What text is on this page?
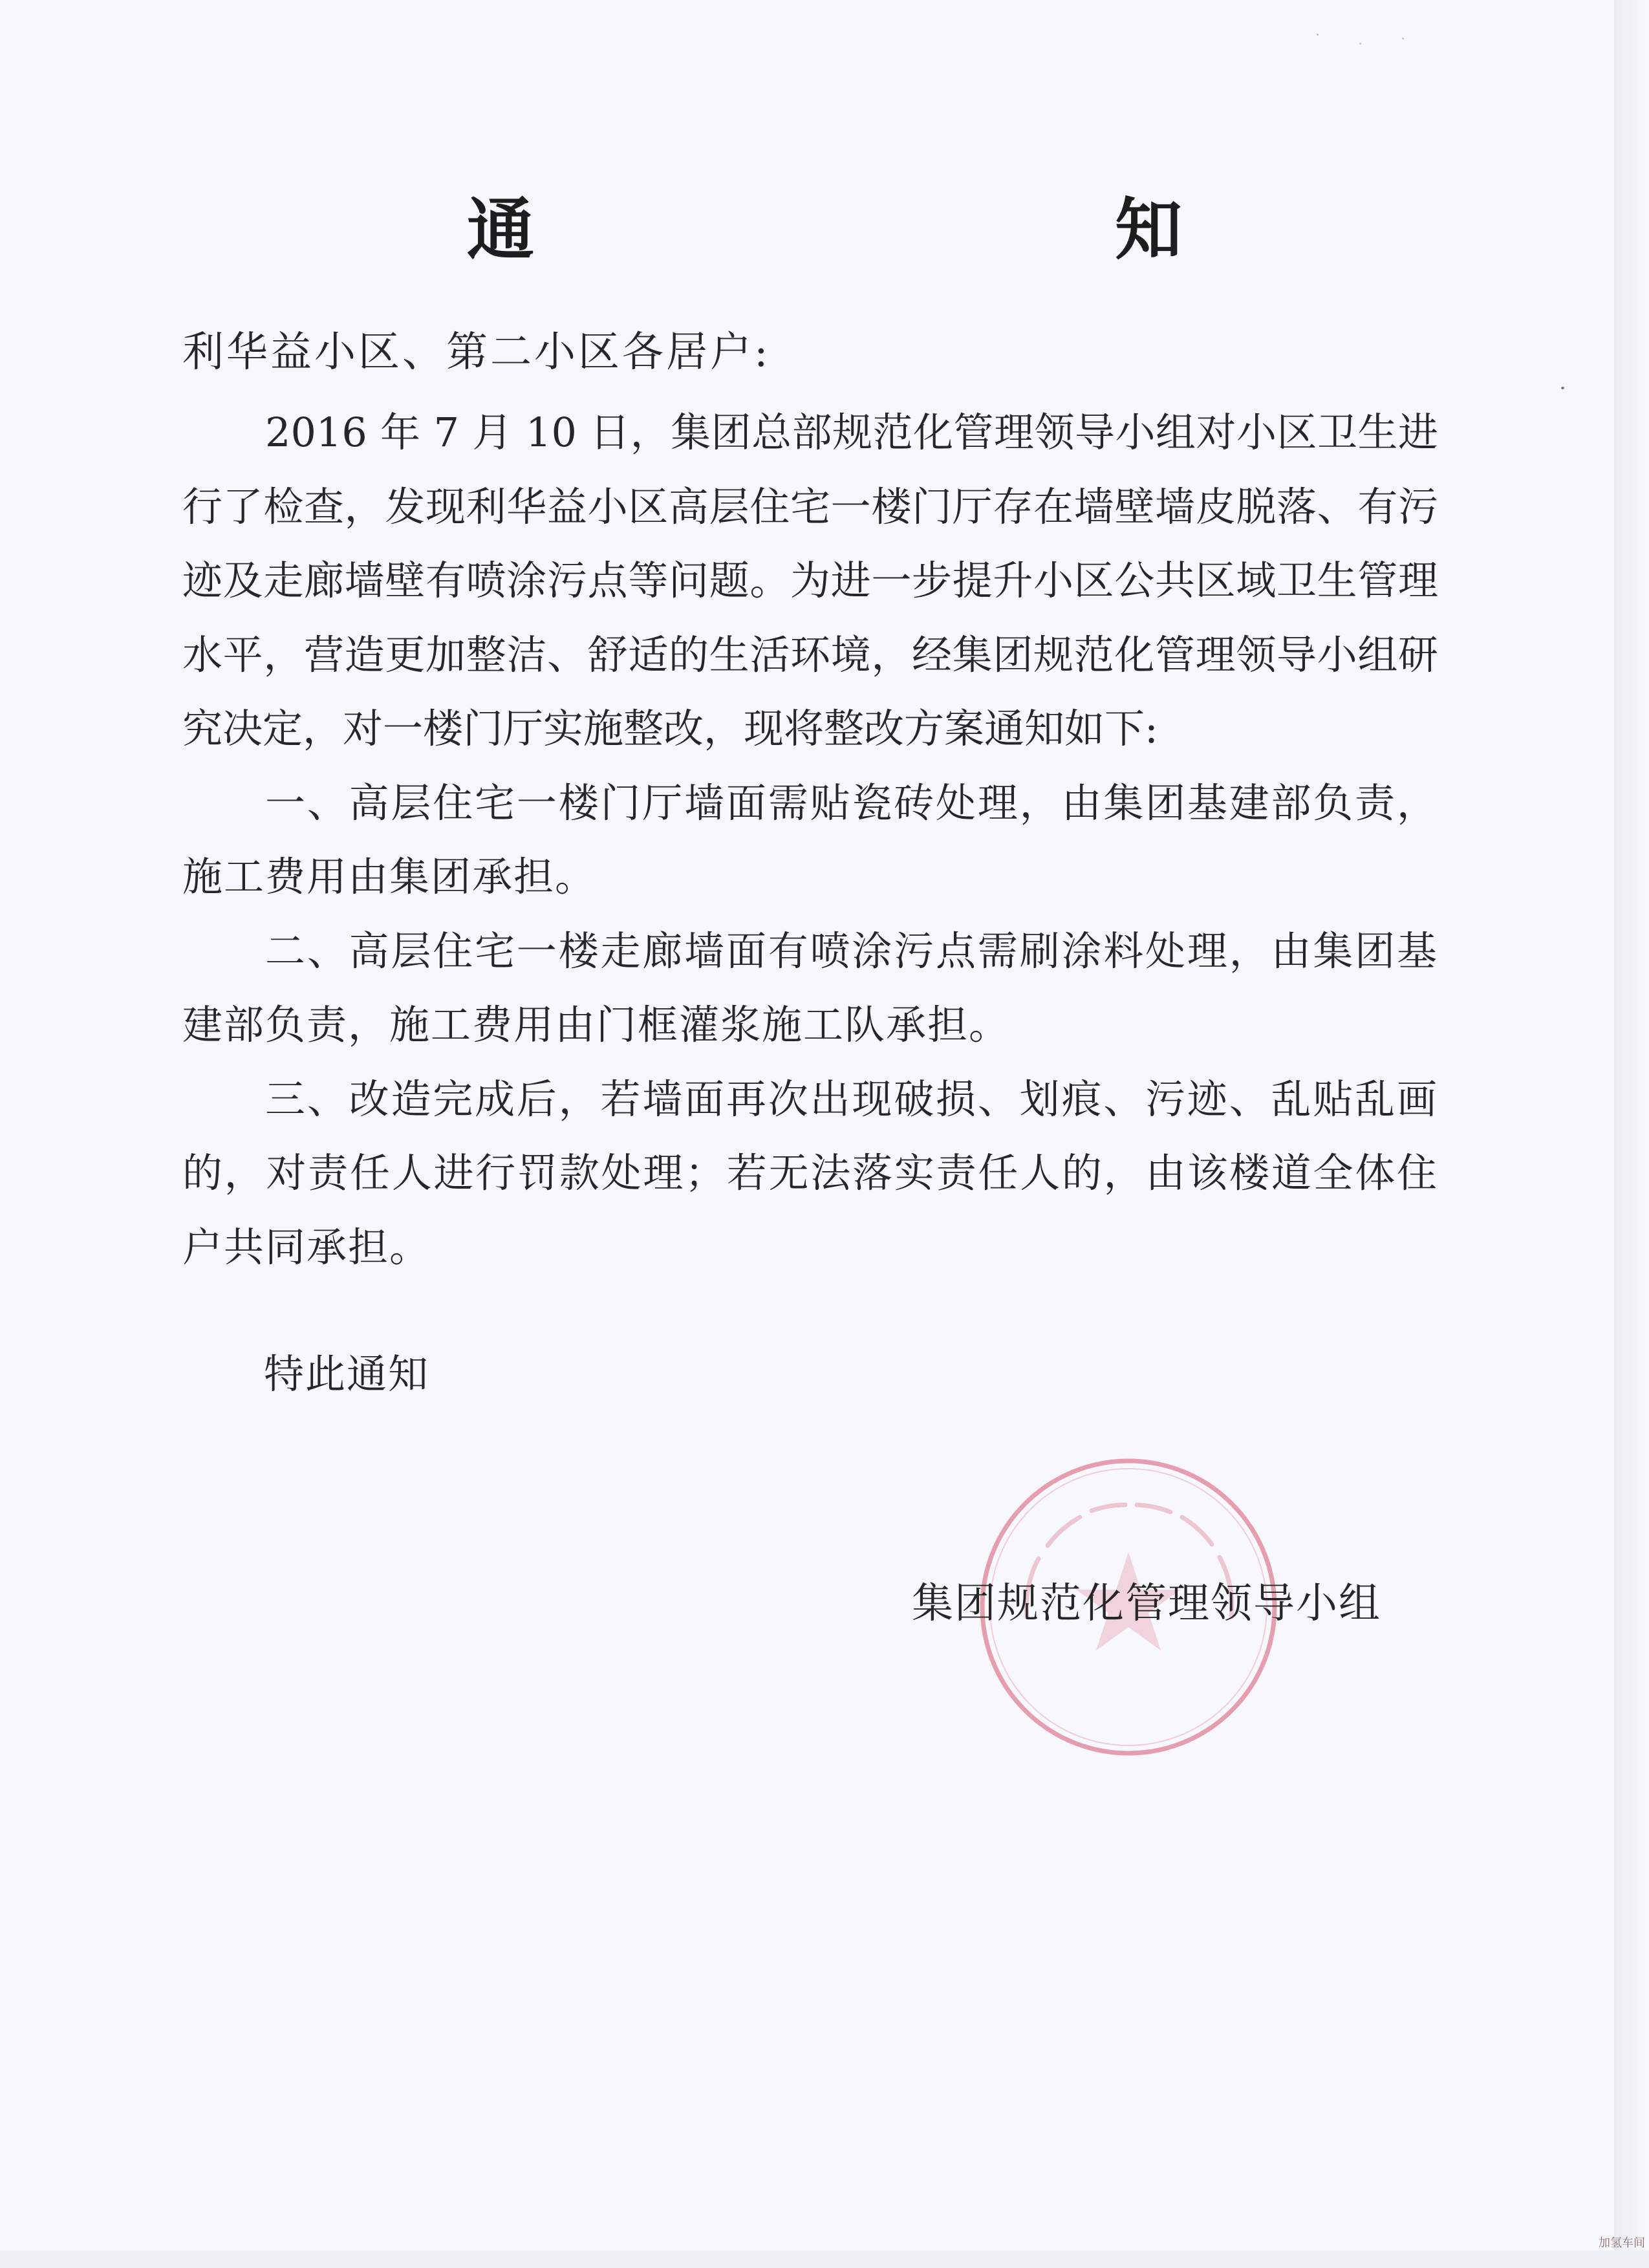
通　　知
利华益小区、第二小区各居户:

2016 年 7 月 10 日，集团总部规范化管理领导小组对小区卫生进行了检查，发现利华益小区高层住宅一楼门厅存在墙壁墙皮脱落、有污迹及走廊墙壁有喷涂污点等问题。为进一步提升小区公共区域卫生管理水平，营造更加整洁、舒适的生活环境，经集团规范化管理领导小组研究决定，对一楼门厅实施整改，现将整改方案通知如下:

一、高层住宅一楼门厅墙面需贴瓷砖处理，由集团基建部负责，施工费用由集团承担。

二、高层住宅一楼走廊墙面有喷涂污点需刷涂料处理，由集团基建部负责，施工费用由门框灌浆施工队承担。

三、改造完成后，若墙面再次出现破损、划痕、污迹、乱贴乱画的，对责任人进行罚款处理；若无法落实责任人的，由该楼道全体住户共同承担。

特此通知
集团规范化管理领导小组
加氢车间
